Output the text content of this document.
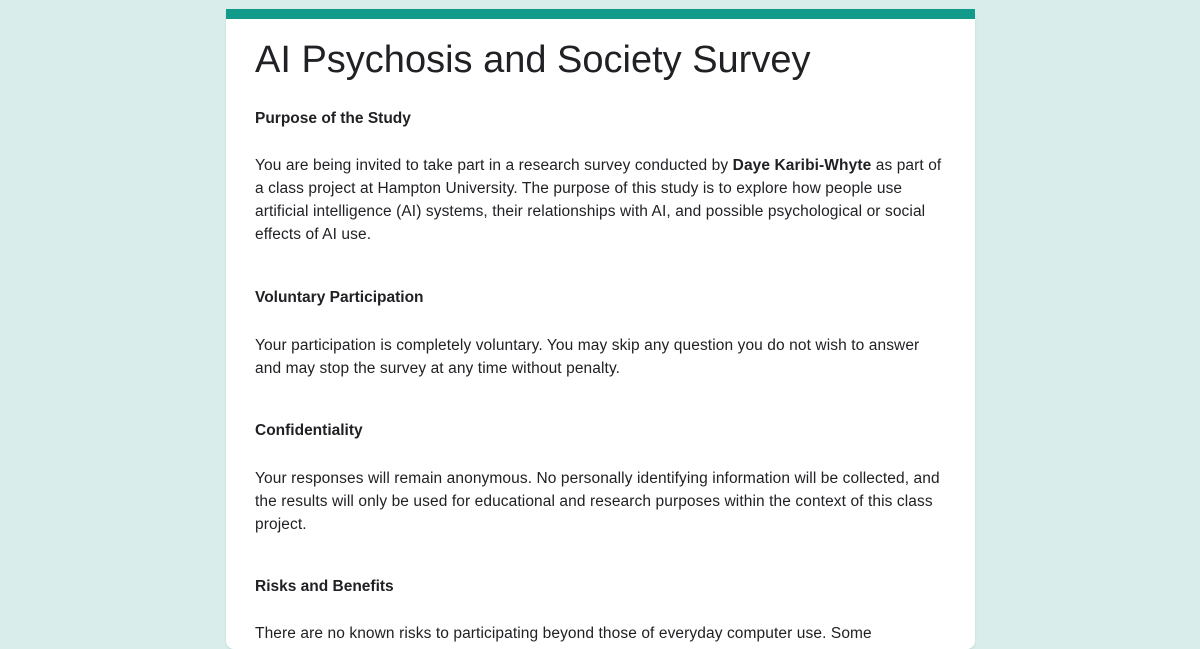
AI Psychosis and Society Survey

Purpose of the Study

You are being invited to take part in a research survey conducted by Daye Karibi-Whyte as part of a class project at Hampton University. The purpose of this study is to explore how people use artificial intelligence (AI) systems, their relationships with AI, and possible psychological or social effects of AI use.

Voluntary Participation

Your participation is completely voluntary. You may skip any question you do not wish to answer and may stop the survey at any time without penalty.

Confidentiality

Your responses will remain anonymous. No personally identifying information will be collected, and the results will only be used for educational and research purposes within the context of this class project.

Risks and Benefits

There are no known risks to participating beyond those of everyday computer use. Some
